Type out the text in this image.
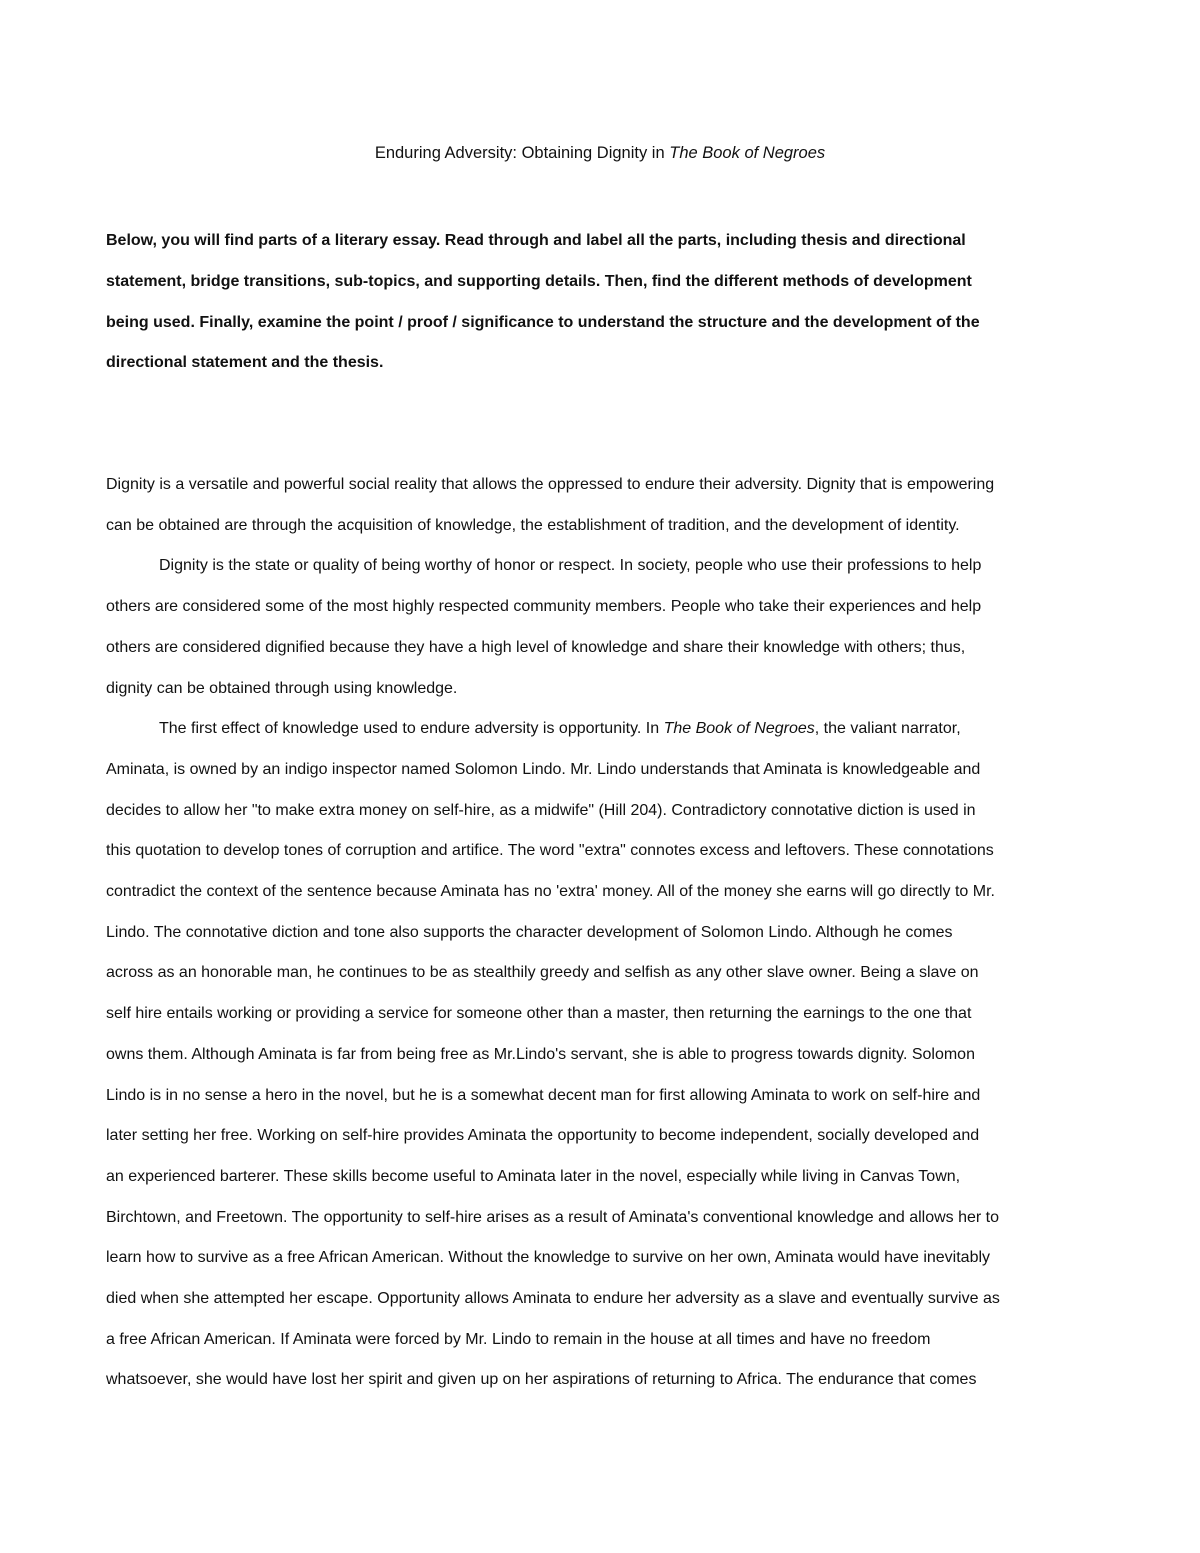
Enduring Adversity: Obtaining Dignity in The Book of Negroes
Below, you will find parts of a literary essay. Read through and label all the parts, including thesis and directional
statement, bridge transitions, sub-topics, and supporting details. Then, find the different methods of development
being used. Finally, examine the point / proof / significance to understand the structure and the development of the
directional statement and the thesis.

Dignity is a versatile and powerful social reality that allows the oppressed to endure their adversity. Dignity that is empowering
can be obtained are through the acquisition of knowledge, the establishment of tradition, and the development of identity.

Dignity is the state or quality of being worthy of honor or respect. In society, people who use their professions to help
others are considered some of the most highly respected community members. People who take their experiences and help
others are considered dignified because they have a high level of knowledge and share their knowledge with others; thus,
dignity can be obtained through using knowledge.

The first effect of knowledge used to endure adversity is opportunity. In The Book of Negroes, the valiant narrator,
Aminata, is owned by an indigo inspector named Solomon Lindo. Mr. Lindo understands that Aminata is knowledgeable and
decides to allow her "to make extra money on self-hire, as a midwife" (Hill 204). Contradictory connotative diction is used in
this quotation to develop tones of corruption and artifice. The word "extra" connotes excess and leftovers. These connotations
contradict the context of the sentence because Aminata has no 'extra' money. All of the money she earns will go directly to Mr.
Lindo. The connotative diction and tone also supports the character development of Solomon Lindo. Although he comes
across as an honorable man, he continues to be as stealthily greedy and selfish as any other slave owner. Being a slave on
self hire entails working or providing a service for someone other than a master, then returning the earnings to the one that
owns them. Although Aminata is far from being free as Mr.Lindo's servant, she is able to progress towards dignity. Solomon
Lindo is in no sense a hero in the novel, but he is a somewhat decent man for first allowing Aminata to work on self-hire and
later setting her free. Working on self-hire provides Aminata the opportunity to become independent, socially developed and
an experienced barterer. These skills become useful to Aminata later in the novel, especially while living in Canvas Town,
Birchtown, and Freetown. The opportunity to self-hire arises as a result of Aminata's conventional knowledge and allows her to
learn how to survive as a free African American. Without the knowledge to survive on her own, Aminata would have inevitably
died when she attempted her escape. Opportunity allows Aminata to endure her adversity as a slave and eventually survive as
a free African American. If Aminata were forced by Mr. Lindo to remain in the house at all times and have no freedom
whatsoever, she would have lost her spirit and given up on her aspirations of returning to Africa. The endurance that comes
